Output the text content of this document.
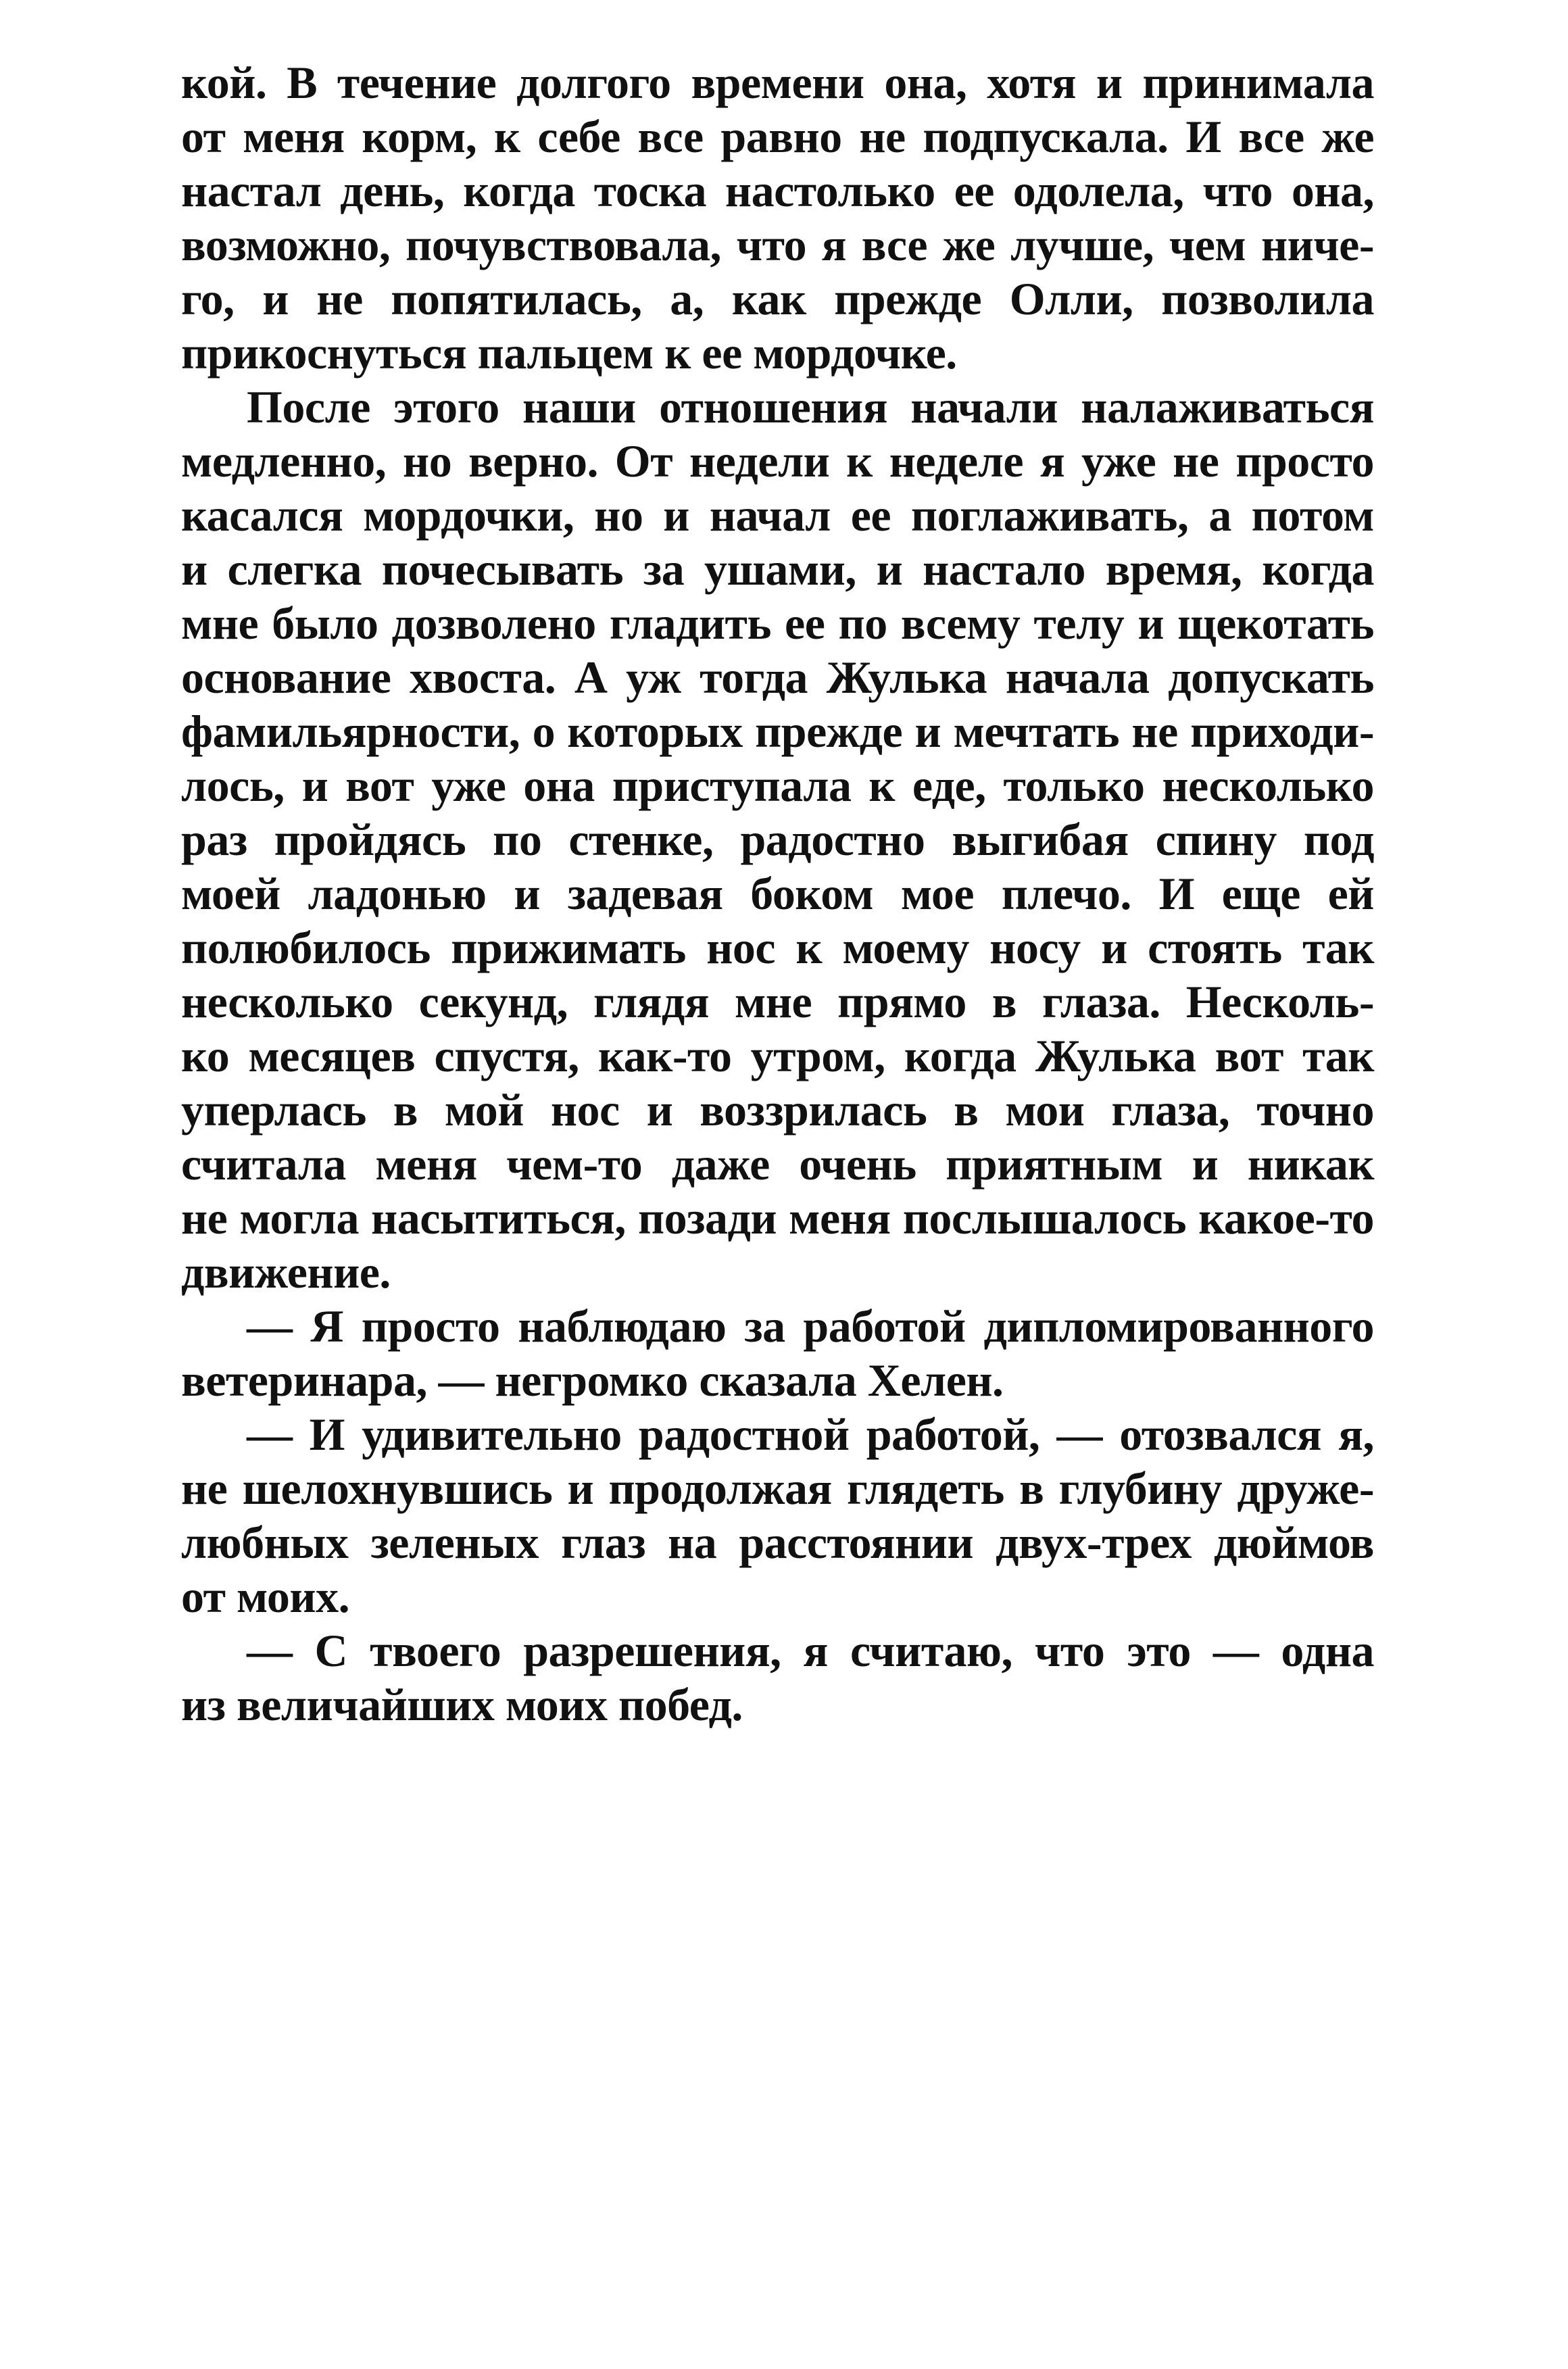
кой. В течение долгого времени она, хотя и принимала
от меня корм, к себе все равно не подпускала. И все же
настал день, когда тоска настолько ее одолела, что она,
возможно, почувствовала, что я все же лучше, чем ниче-
го, и не попятилась, а, как прежде Олли, позволила
прикоснуться пальцем к ее мордочке.
После этого наши отношения начали налаживаться
медленно, но верно. От недели к неделе я уже не просто
касался мордочки, но и начал ее поглаживать, а потом
и слегка почесывать за ушами, и настало время, когда
мне было дозволено гладить ее по всему телу и щекотать
основание хвоста. А уж тогда Жулька начала допускать
фамильярности, о которых прежде и мечтать не приходи-
лось, и вот уже она приступала к еде, только несколько
раз пройдясь по стенке, радостно выгибая спину под
моей ладонью и задевая боком мое плечо. И еще ей
полюбилось прижимать нос к моему носу и стоять так
несколько секунд, глядя мне прямо в глаза. Несколь-
ко месяцев спустя, как-то утром, когда Жулька вот так
уперлась в мой нос и воззрилась в мои глаза, точно
считала меня чем-то даже очень приятным и никак
не могла насытиться, позади меня послышалось какое-то
движение.
— Я просто наблюдаю за работой дипломированного
ветеринара, — негромко сказала Хелен.
— И удивительно радостной работой, — отозвался я,
не шелохнувшись и продолжая глядеть в глубину друже-
любных зеленых глаз на расстоянии двух-трех дюймов
от моих.
— С твоего разрешения, я считаю, что это — одна
из величайших моих побед.
